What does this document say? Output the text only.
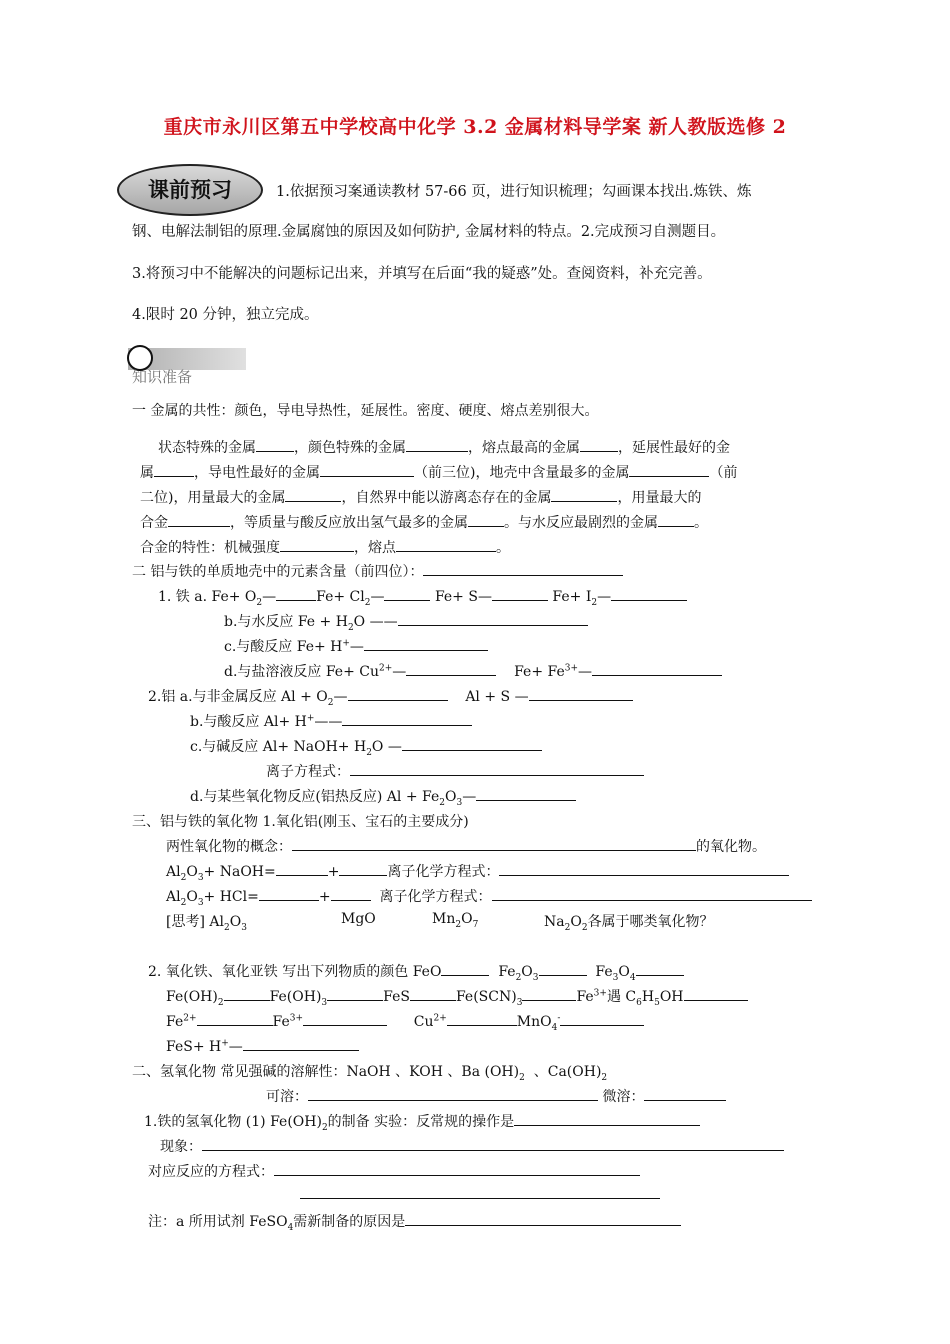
重庆市永川区第五中学校高中化学 3.2 金属材料导学案 新人教版选修 2
课前预习	1.依据预习案通读教材 57-66 页，进行知识梳理；勾画课本找出.炼铁、炼
钢、电解法制铝的原理.金属腐蚀的原因及如何防护, 金属材料的特点。2.完成预习自测题目。
3.将预习中不能解决的问题标记出来，并填写在后面“我的疑惑”处。查阅资料，补充完善。
4.限时 20 分钟，独立完成。
知识准备
一 金属的共性：颜色，导电导热性，延展性。密度、硬度、熔点差别很大。
状态特殊的金属	，颜色特殊的金属	，熔点最高的金属	，延展性最好的金
属	，导电性最好的金属	（前三位)，地壳中含量最多的金属	（前
二位)，用量最大的金属	，自然界中能以游离态存在的金属	，用量最大的
合金	，等质量与酸反应放出氢气最多的金属	。与水反应最剧烈的金属	。
合金的特性：机械强度	，熔点	。
二 铝与铁的单质地壳中的元素含量（前四位）：
1. 铁 a. $Fe+ O_2—$	$Fe+ Cl_2—$	Fe+ S—	$Fe+ I_2—$
b.与水反应 $Fe + H_2O$ ——
c.与酸反应 Fe+ H+—
d.与盐溶液反应 $Fe+ Cu^{2+}—$	$Fe+ Fe^{3+}—$
2.铝 a.与非金属反应 $Al + O_2—$	Al + S —
b.与酸反应 Al+ H+——
c.与碱反应 Al+ NaOH+ $H_2O$ —
离子方程式：
d.与某些氧化物反应(铝热反应) $Al + Fe_2O_3—$
三、铝与铁的氧化物 1.氧化铝(刚玉、宝石的主要成分)
两性氧化物的概念：	的氧化物。
$Al_2O_3+$ NaOH=	+	离子化学方程式：
$Al_2O_3+ HCl=$	+	离子化学方程式：
[思考] $Al_2O_3$
MgO	$Mn_2O_7$	$Na_2O_2$各属于哪类氧化物？
2. 氧化铁、氧化亚铁 写出下列物质的颜色 FeO	$Fe_2O_3$	$Fe_3O_4$
$Fe(OH)_2$	$Fe(OH)_3$	FeS	$Fe(SCN)_3$	$Fe^{3+}$遇 $C_6H_5OH$
$Fe^{2+}$	$Fe^{3+}$	$Cu^{2+}$	MnO$_4$-
FeS+ H+—
二、氢氧化物 常见强碱的溶解性：NaOH 、KOH 、Ba $(OH)_2$ 、$Ca(OH)_2$
可溶：	微溶：
1.铁的氢氧化物 (1) $Fe(OH)_2$的制备 实验：反常规的操作是
现象：
对应反应的方程式：
注：a 所用试剂 FeSO$_4$需新制备的原因是
